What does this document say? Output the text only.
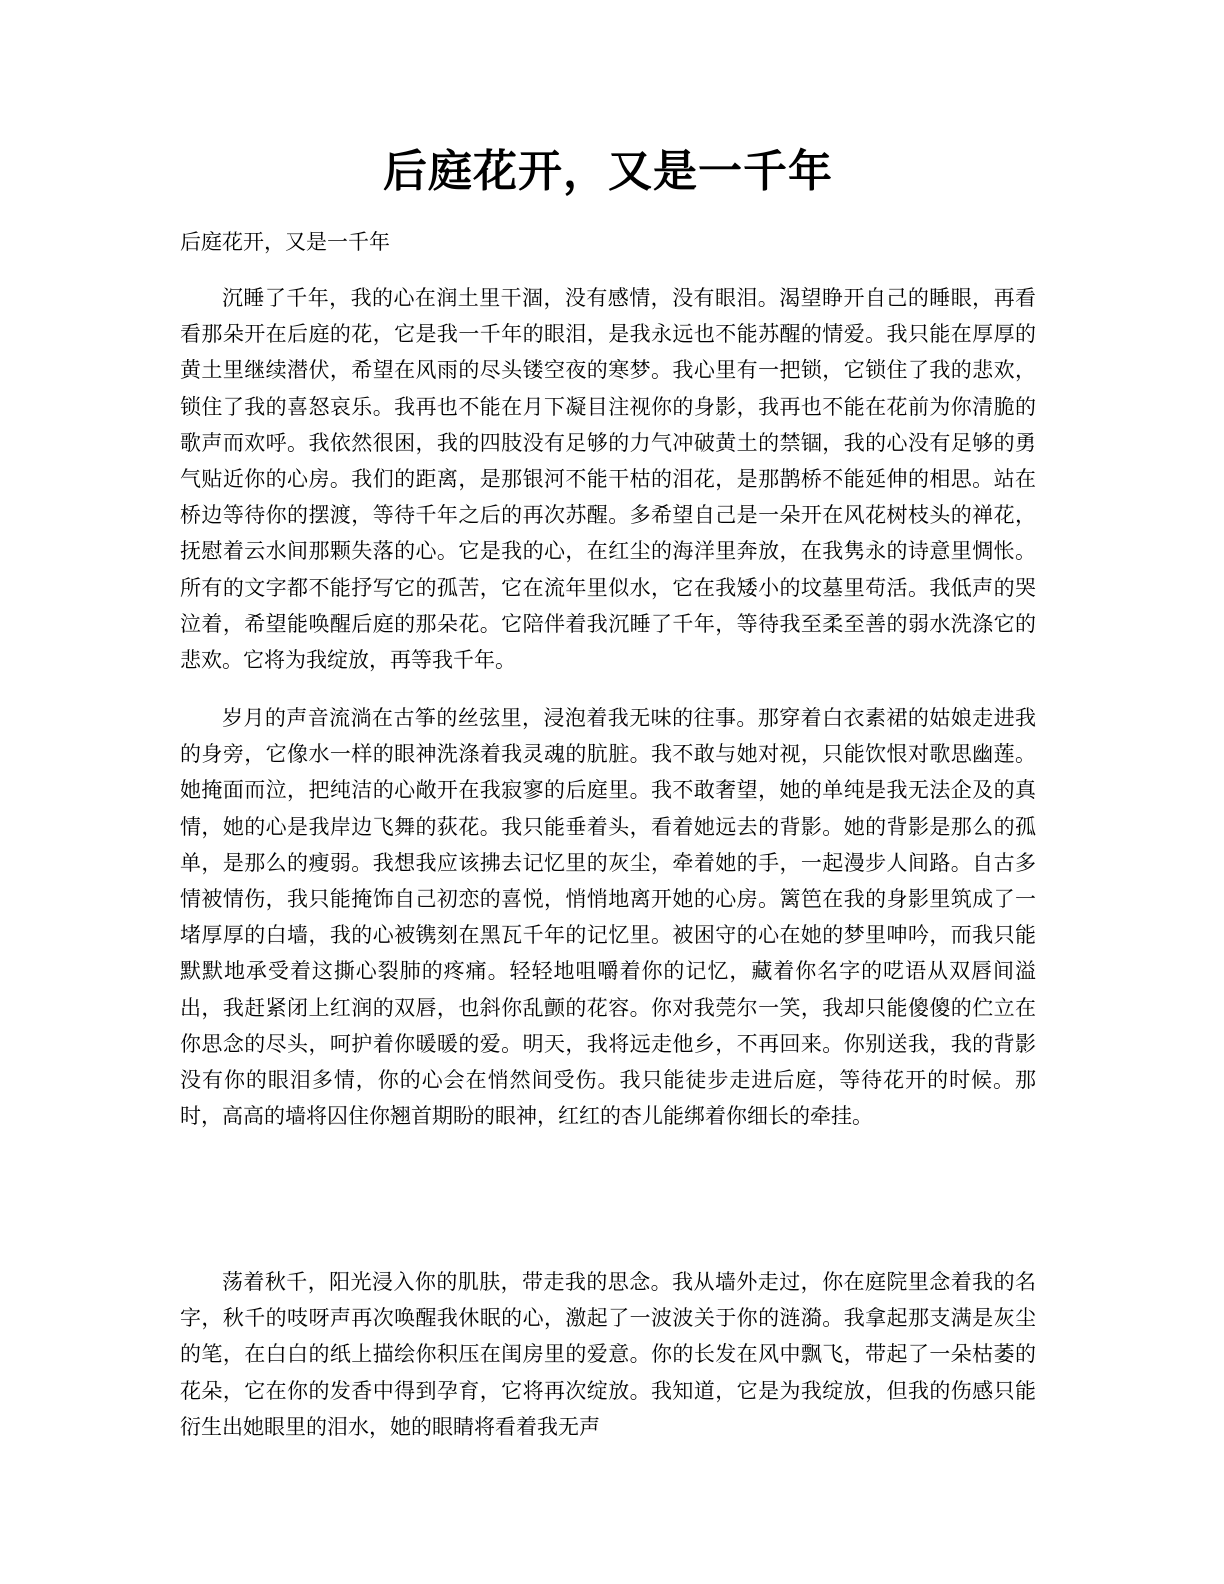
后庭花开，又是一千年

后庭花开，又是一千年

沉睡了千年，我的心在润土里干涸，没有感情，没有眼泪。渴望睁开自己的睡眼，再看看那朵开在后庭的花，它是我一千年的眼泪，是我永远也不能苏醒的情爱。我只能在厚厚的黄土里继续潜伏，希望在风雨的尽头镂空夜的寒梦。我心里有一把锁，它锁住了我的悲欢，锁住了我的喜怒哀乐。我再也不能在月下凝目注视你的身影，我再也不能在花前为你清脆的歌声而欢呼。我依然很困，我的四肢没有足够的力气冲破黄土的禁锢，我的心没有足够的勇气贴近你的心房。我们的距离，是那银河不能干枯的泪花，是那鹊桥不能延伸的相思。站在桥边等待你的摆渡，等待千年之后的再次苏醒。多希望自己是一朵开在风花树枝头的禅花，抚慰着云水间那颗失落的心。它是我的心，在红尘的海洋里奔放，在我隽永的诗意里惆怅。所有的文字都不能抒写它的孤苦，它在流年里似水，它在我矮小的坟墓里苟活。我低声的哭泣着，希望能唤醒后庭的那朵花。它陪伴着我沉睡了千年，等待我至柔至善的弱水洗涤它的悲欢。它将为我绽放，再等我千年。

岁月的声音流淌在古筝的丝弦里，浸泡着我无味的往事。那穿着白衣素裙的姑娘走进我的身旁，它像水一样的眼神洗涤着我灵魂的肮脏。我不敢与她对视，只能饮恨对歌思幽莲。她掩面而泣，把纯洁的心敞开在我寂寥的后庭里。我不敢奢望，她的单纯是我无法企及的真情，她的心是我岸边飞舞的荻花。我只能垂着头，看着她远去的背影。她的背影是那么的孤单，是那么的瘦弱。我想我应该拂去记忆里的灰尘，牵着她的手，一起漫步人间路。自古多情被情伤，我只能掩饰自己初恋的喜悦，悄悄地离开她的心房。篱笆在我的身影里筑成了一堵厚厚的白墙，我的心被镌刻在黑瓦千年的记忆里。被困守的心在她的梦里呻吟，而我只能默默地承受着这撕心裂肺的疼痛。轻轻地咀嚼着你的记忆，藏着你名字的呓语从双唇间溢出，我赶紧闭上红润的双唇，也斜你乱颤的花容。你对我莞尔一笑，我却只能傻傻的伫立在你思念的尽头，呵护着你暖暖的爱。明天，我将远走他乡，不再回来。你别送我，我的背影没有你的眼泪多情，你的心会在悄然间受伤。我只能徒步走进后庭，等待花开的时候。那时，高高的墙将囚住你翘首期盼的眼神，红红的杏儿能绑着你细长的牵挂。

荡着秋千，阳光浸入你的肌肤，带走我的思念。我从墙外走过，你在庭院里念着我的名字，秋千的吱呀声再次唤醒我休眠的心，激起了一波波关于你的涟漪。我拿起那支满是灰尘的笔，在白白的纸上描绘你积压在闺房里的爱意。你的长发在风中飘飞，带起了一朵枯萎的花朵，它在你的发香中得到孕育，它将再次绽放。我知道，它是为我绽放，但我的伤感只能衍生出她眼里的泪水，她的眼睛将看着我无声
